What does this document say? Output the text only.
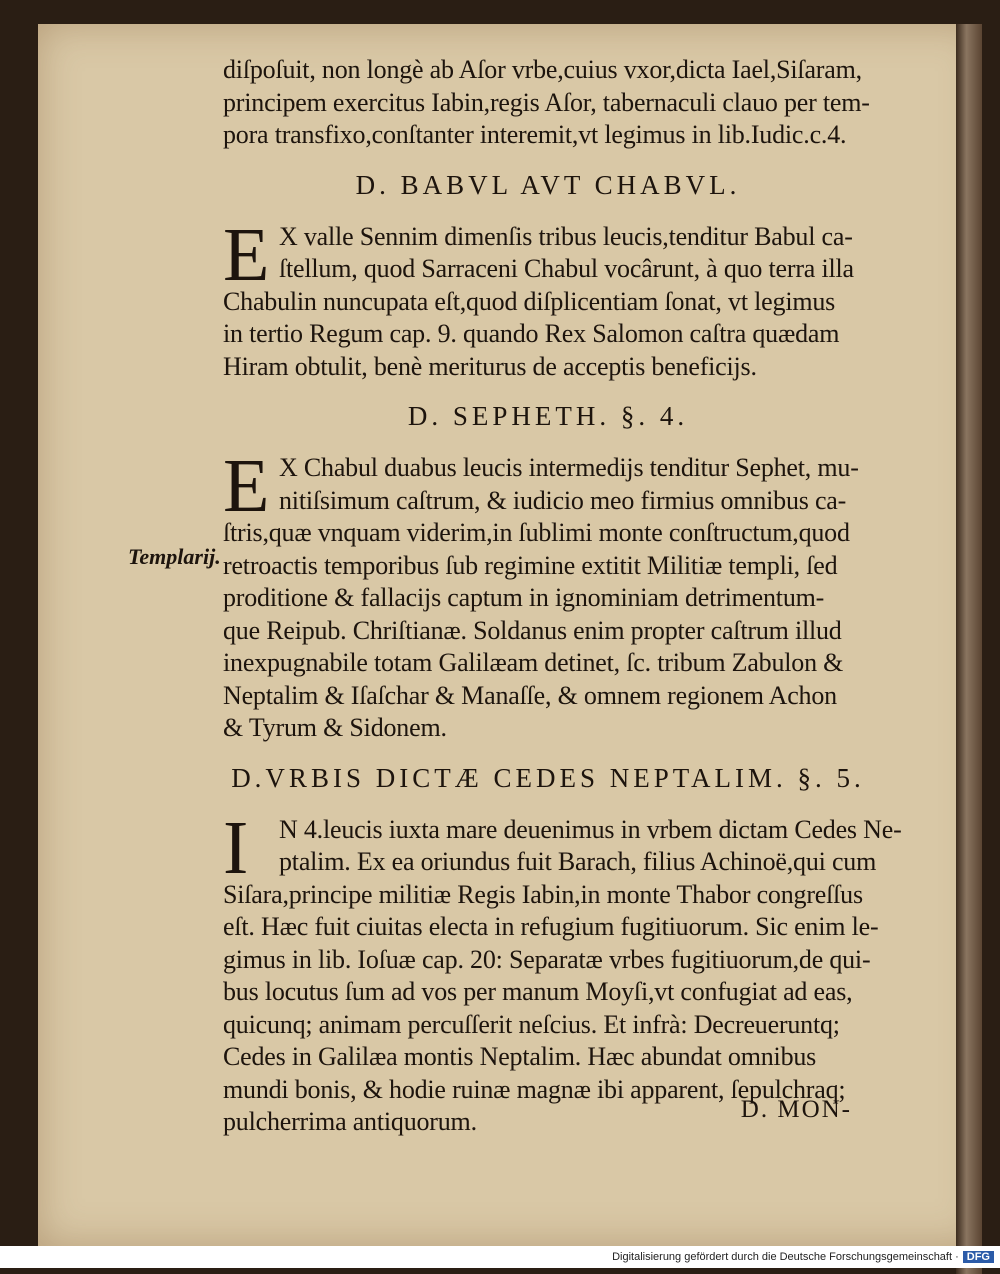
diſpoſuit, non longè ab Aſor vrbe,cuius vxor,dicta Iael,Siſaram,
principem exercitus Iabin,regis Aſor, tabernaculi clauo per tem-
pora transfixo,conſtanter interemit,vt legimus in lib.Iudic.c.4.
D. BABVL AVT CHABVL.
E X valle Sennim dimenſis tribus leucis,tenditur Babul ca-
ſtellum, quod Sarraceni Chabul vocârunt, à quo terra illa
Chabulin nuncupata eſt,quod diſplicentiam ſonat, vt legimus
in tertio Regum cap. 9. quando Rex Salomon caſtra quædam
Hiram obtulit, benè meriturus de acceptis beneficijs.
D. SEPHETH. §. 4.
E X Chabul duabus leucis intermedijs tenditur Sephet, mu-
nitiſsimum caſtrum, & iudicio meo firmius omnibus ca-
ſtris,quæ vnquam viderim,in ſublimi monte conſtructum,quod
retroactis temporibus ſub regimine extitit Militiæ templi, ſed
proditione & fallacijs captum in ignominiam detrimentum-
que Reipub. Chriſtianæ. Soldanus enim propter caſtrum illud
inexpugnabile totam Galilæam detinet, ſc. tribum Zabulon &
Neptalim & Iſaſchar & Manaſſe, & omnem regionem Achon
& Tyrum & Sidonem.
D.VRBIS DICTÆ CEDES NEPTALIM. §. 5.
I	N 4.leucis iuxta mare deuenimus in vrbem dictam Cedes Ne-
ptalim. Ex ea oriundus fuit Barach, filius Achinoë,qui cum
Siſara,principe militiæ Regis Iabin,in monte Thabor congreſſus
eſt. Hæc fuit ciuitas electa in refugium fugitiuorum. Sic enim le-
gimus in lib. Ioſuæ cap. 20: Separatæ vrbes fugitiuorum,de qui-
bus locutus ſum ad vos per manum Moyſi,vt confugiat ad eas,
quicunq; animam percuſſerit neſcius. Et infrà: Decreueruntq;
Cedes in Galilæa montis Neptalim. Hæc abundat omnibus
mundi bonis, & hodie ruinæ magnæ ibi apparent, ſepulchraq;
pulcherrima antiquorum.
Templarij.
D. MON-
Digitalisierung gefördert durch die Deutsche Forschungsgemeinschaft · DFG
